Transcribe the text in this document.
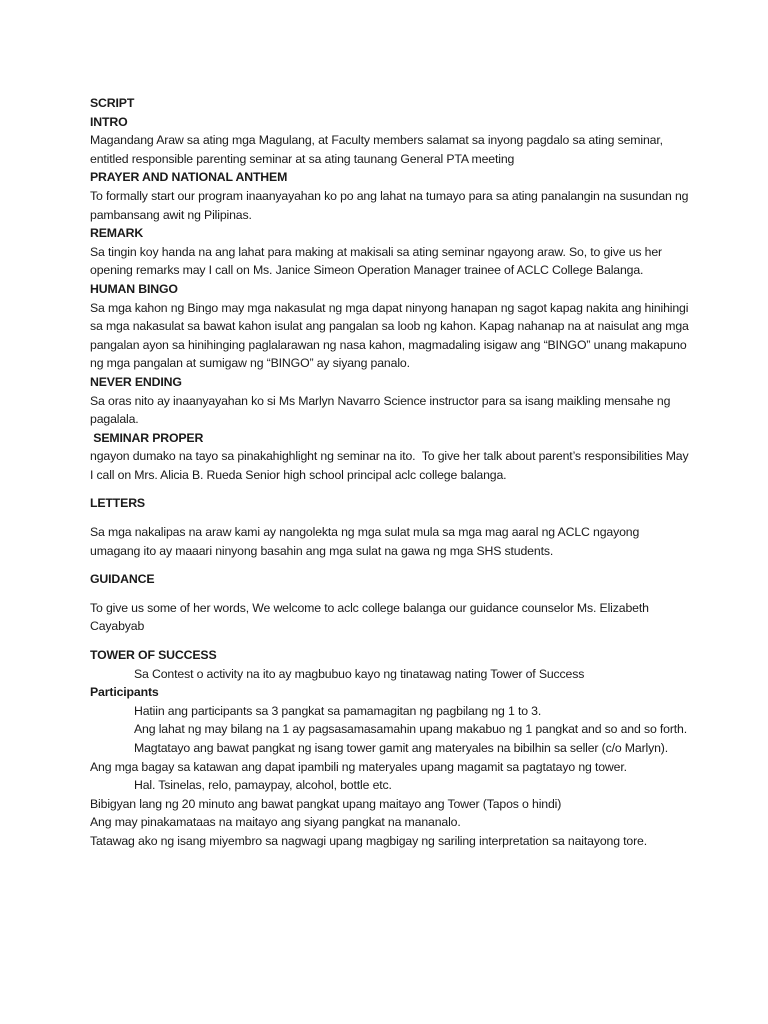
SCRIPT

INTRO

Magandang Araw sa ating mga Magulang, at Faculty members salamat sa inyong pagdalo sa ating seminar, entitled responsible parenting seminar at sa ating taunang General PTA meeting

PRAYER AND NATIONAL ANTHEM

To formally start our program inaanyayahan ko po ang lahat na tumayo para sa ating panalangin na susundan ng pambansang awit ng Pilipinas.

REMARK

Sa tingin koy handa na ang lahat para making at makisali sa ating seminar ngayong araw. So, to give us her opening remarks may I call on Ms. Janice Simeon Operation Manager trainee of ACLC College Balanga.

HUMAN BINGO

Sa mga kahon ng Bingo may mga nakasulat ng mga dapat ninyong hanapan ng sagot kapag nakita ang hinihingi sa mga nakasulat sa bawat kahon isulat ang pangalan sa loob ng kahon. Kapag nahanap na at naisulat ang mga pangalan ayon sa hinihinging paglalarawan ng nasa kahon, magmadaling isigaw ang “BINGO” unang makapuno ng mga pangalan at sumigaw ng “BINGO” ay siyang panalo.

NEVER ENDING

Sa oras nito ay inaanyayahan ko si Ms Marlyn Navarro Science instructor para sa isang maikling mensahe ng pagalala.

SEMINAR PROPER

ngayon dumako na tayo sa pinakahighlight ng seminar na ito.  To give her talk about parent’s responsibilities May I call on Mrs. Alicia B. Rueda Senior high school principal aclc college balanga.

LETTERS

Sa mga nakalipas na araw kami ay nangolekta ng mga sulat mula sa mga mag aaral ng ACLC ngayong umagang ito ay maaari ninyong basahin ang mga sulat na gawa ng mga SHS students.

GUIDANCE

To give us some of her words, We welcome to aclc college balanga our guidance counselor Ms. Elizabeth Cayabyab

TOWER OF SUCCESS

Sa Contest o activity na ito ay magbubuo kayo ng tinatawag nating Tower of Success

Participants

Hatiin ang participants sa 3 pangkat sa pamamagitan ng pagbilang ng 1 to 3.

Ang lahat ng may bilang na 1 ay pagsasamasamahin upang makabuo ng 1 pangkat and so and so forth.

Magtatayo ang bawat pangkat ng isang tower gamit ang materyales na bibilhin sa seller (c/o Marlyn). Ang mga bagay sa katawan ang dapat ipambili ng materyales upang magamit sa pagtatayo ng tower.

Hal. Tsinelas, relo, pamaypay, alcohol, bottle etc.

Bibigyan lang ng 20 minuto ang bawat pangkat upang maitayo ang Tower (Tapos o hindi)

Ang may pinakamataas na maitayo ang siyang pangkat na mananalo.

Tatawag ako ng isang miyembro sa nagwagi upang magbigay ng sariling interpretation sa naitayong tore.
